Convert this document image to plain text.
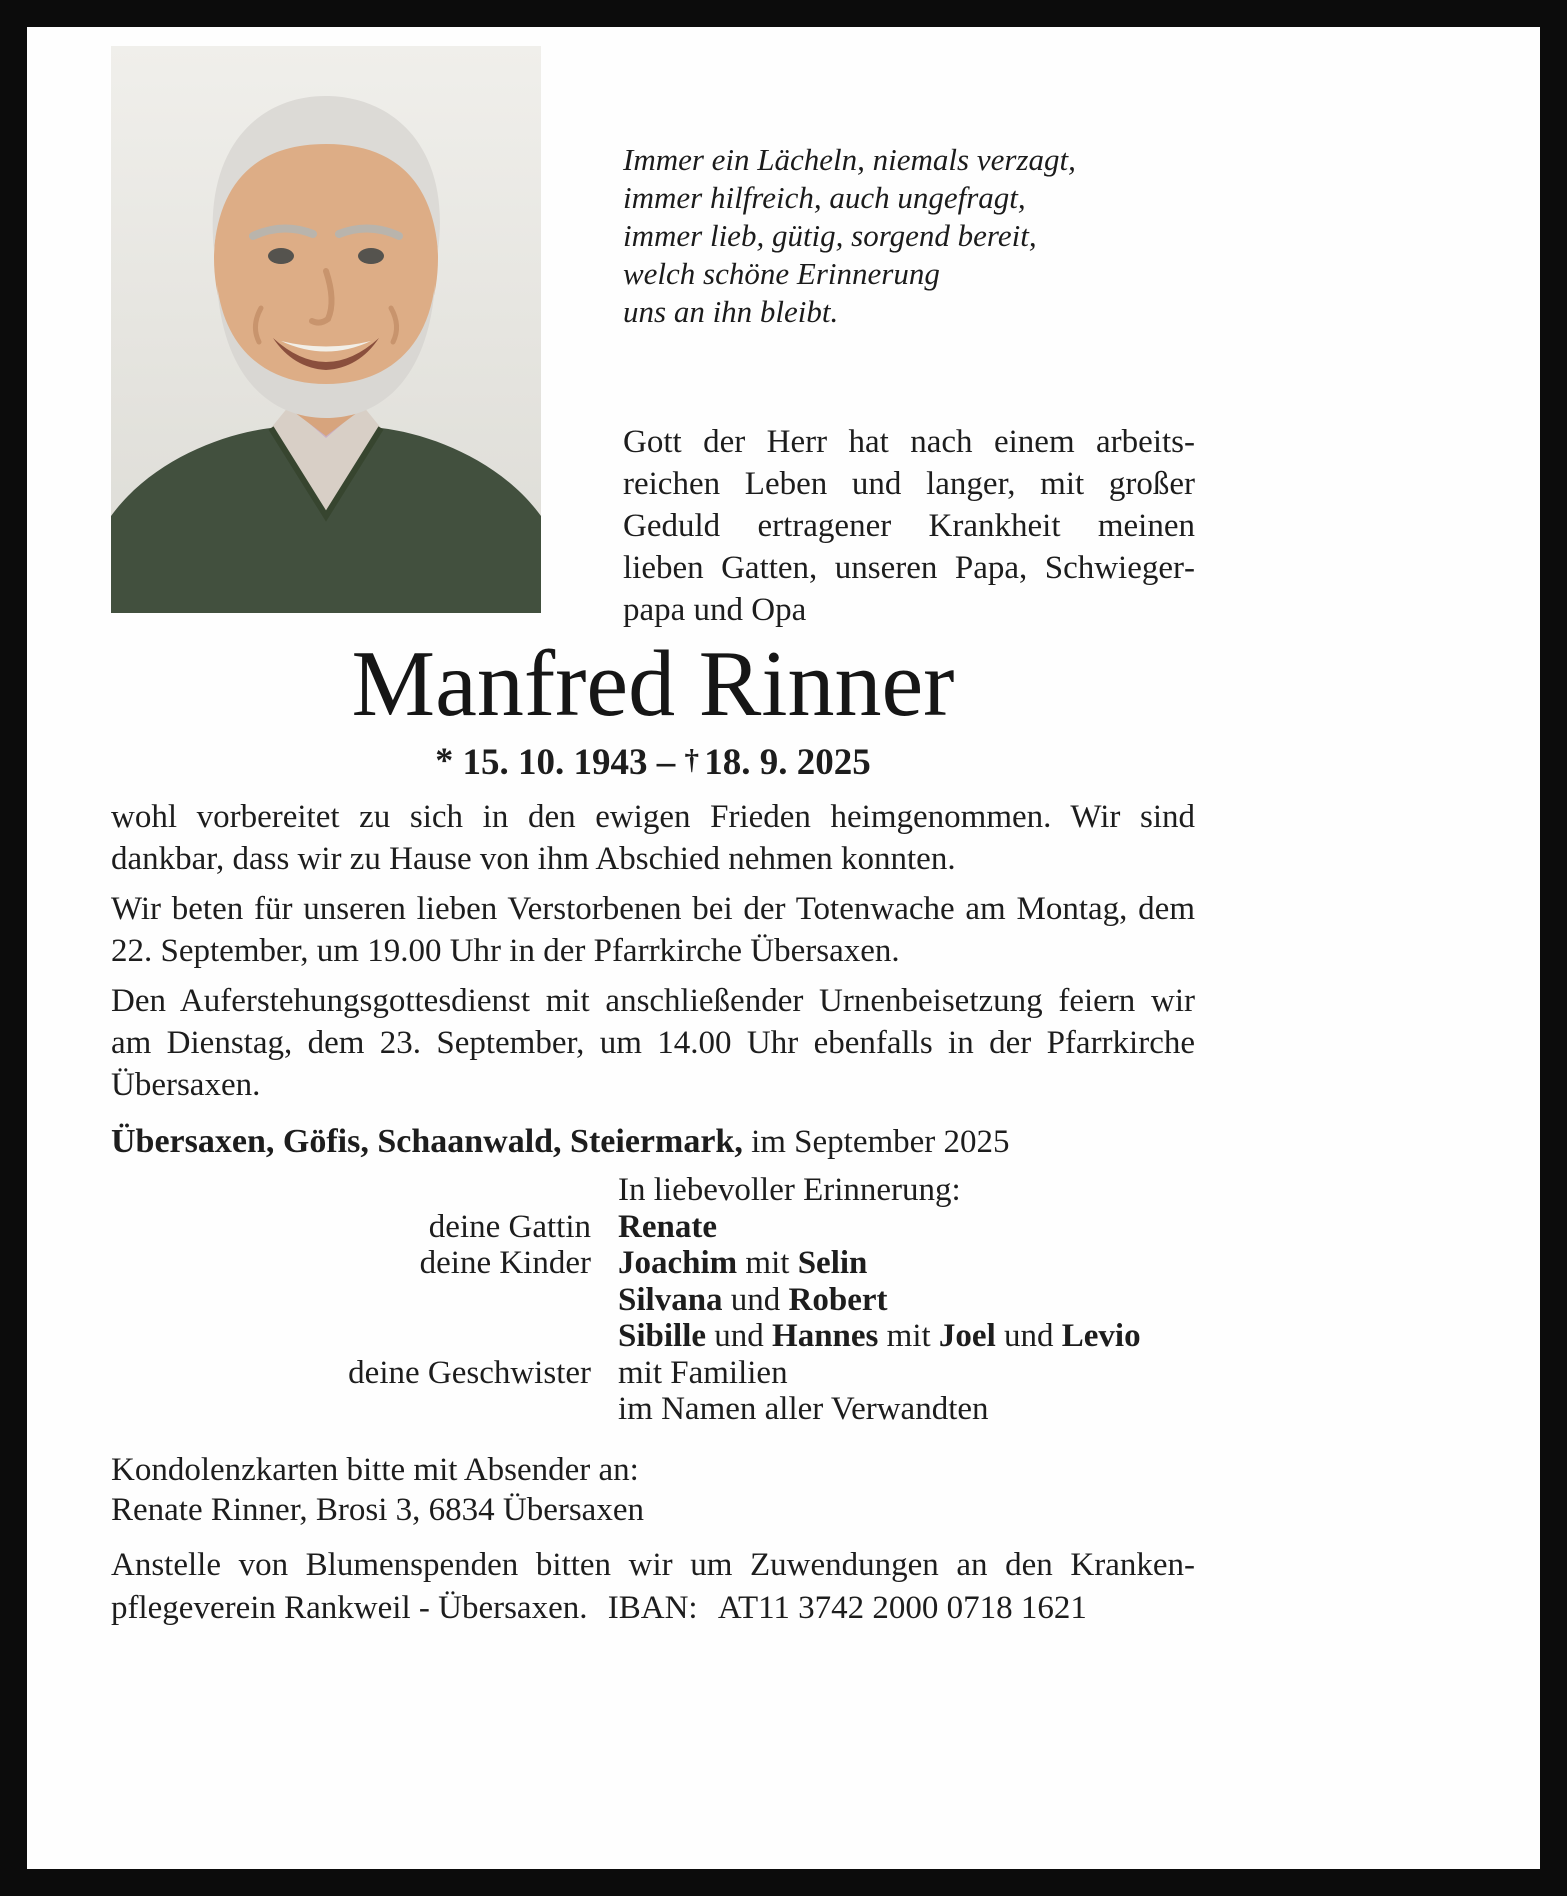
Immer ein Lächeln, niemals verzagt,
immer hilfreich, auch ungefragt,
immer lieb, gütig, sorgend bereit,
welch schöne Erinnerung
uns an ihn bleibt.

Gott der Herr hat nach einem arbeitsreichen Leben und langer, mit großer Geduld ertragener Krankheit meinen lieben Gatten, unseren Papa, Schwiegerpapa und Opa

Manfred Rinner
* 15. 10. 1943 – † 18. 9. 2025

wohl vorbereitet zu sich in den ewigen Frieden heimgenommen. Wir sind dankbar, dass wir zu Hause von ihm Abschied nehmen konnten.

Wir beten für unseren lieben Verstorbenen bei der Totenwache am Montag, dem 22. September, um 19.00 Uhr in der Pfarrkirche Übersaxen.

Den Auferstehungsgottesdienst mit anschließender Urnenbeisetzung feiern wir am Dienstag, dem 23. September, um 14.00 Uhr ebenfalls in der Pfarrkirche Übersaxen.

Übersaxen, Göfis, Schaanwald, Steiermark, im September 2025

In liebevoller Erinnerung:
deine Gattin Renate
deine Kinder Joachim mit Selin
Silvana und Robert
Sibille und Hannes mit Joel und Levio
deine Geschwister mit Familien
im Namen aller Verwandten
Kondolenzkarten bitte mit Absender an:
Renate Rinner, Brosi 3, 6834 Übersaxen

Anstelle von Blumenspenden bitten wir um Zuwendungen an den Krankenpflegeverein Rankweil - Übersaxen. IBAN: AT11 3742 2000 0718 1621
